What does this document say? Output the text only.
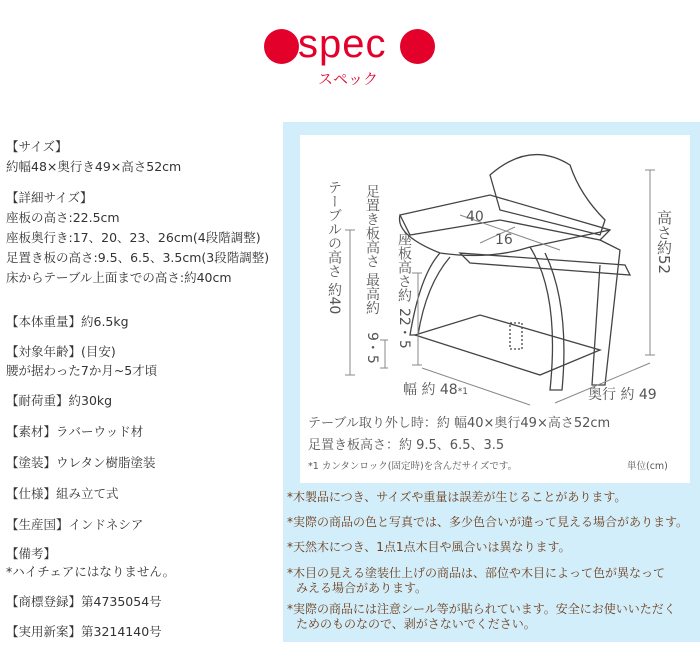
spec
スペック
【サイズ】
約幅48×奥行き49×高さ52cm
【詳細サイズ】
座板の高さ:22.5cm
座板奥行き:17、20、23、26cm(4段階調整)
足置き板の高さ:9.5、6.5、3.5cm(3段階調整)
床からテーブル上面までの高さ:約40cm
【本体重量】約6.5kg
【対象年齢】(目安)
腰が据わった7か月~5才頃
【耐荷重】約30kg
【素材】ラバーウッド材
【塗装】ウレタン樹脂塗装
【仕様】組み立て式
【生産国】インドネシア
【備考】
*ハイチェアにはなりません。
【商標登録】第4735054号
【実用新案】第3214140号
テーブルの高さ 約40 足置き板高さ 最高約
9・5
座板高さ約
22・5
高さ約52
幅 約 48*1	奥行 約 49
40
16
テーブル取り外し時：約 幅40×奥行49×高さ52cm
足置き板高さ：約 9.5、6.5、3.5
*1 カンタンロック(固定時)を含んだサイズです。	単位(cm)
*木製品につき、サイズや重量は誤差が生じることがあります。
*実際の商品の色と写真では、多少色合いが違って見える場合があります。
*天然木につき、1点1点木目や風合いは異なります。
*木目の見える塗装仕上げの商品は、部位や木目によって色が異なって
みえる場合があります。
*実際の商品には注意シール等が貼られています。安全にお使いいただく
ためのものなので、剥がさないでください。
